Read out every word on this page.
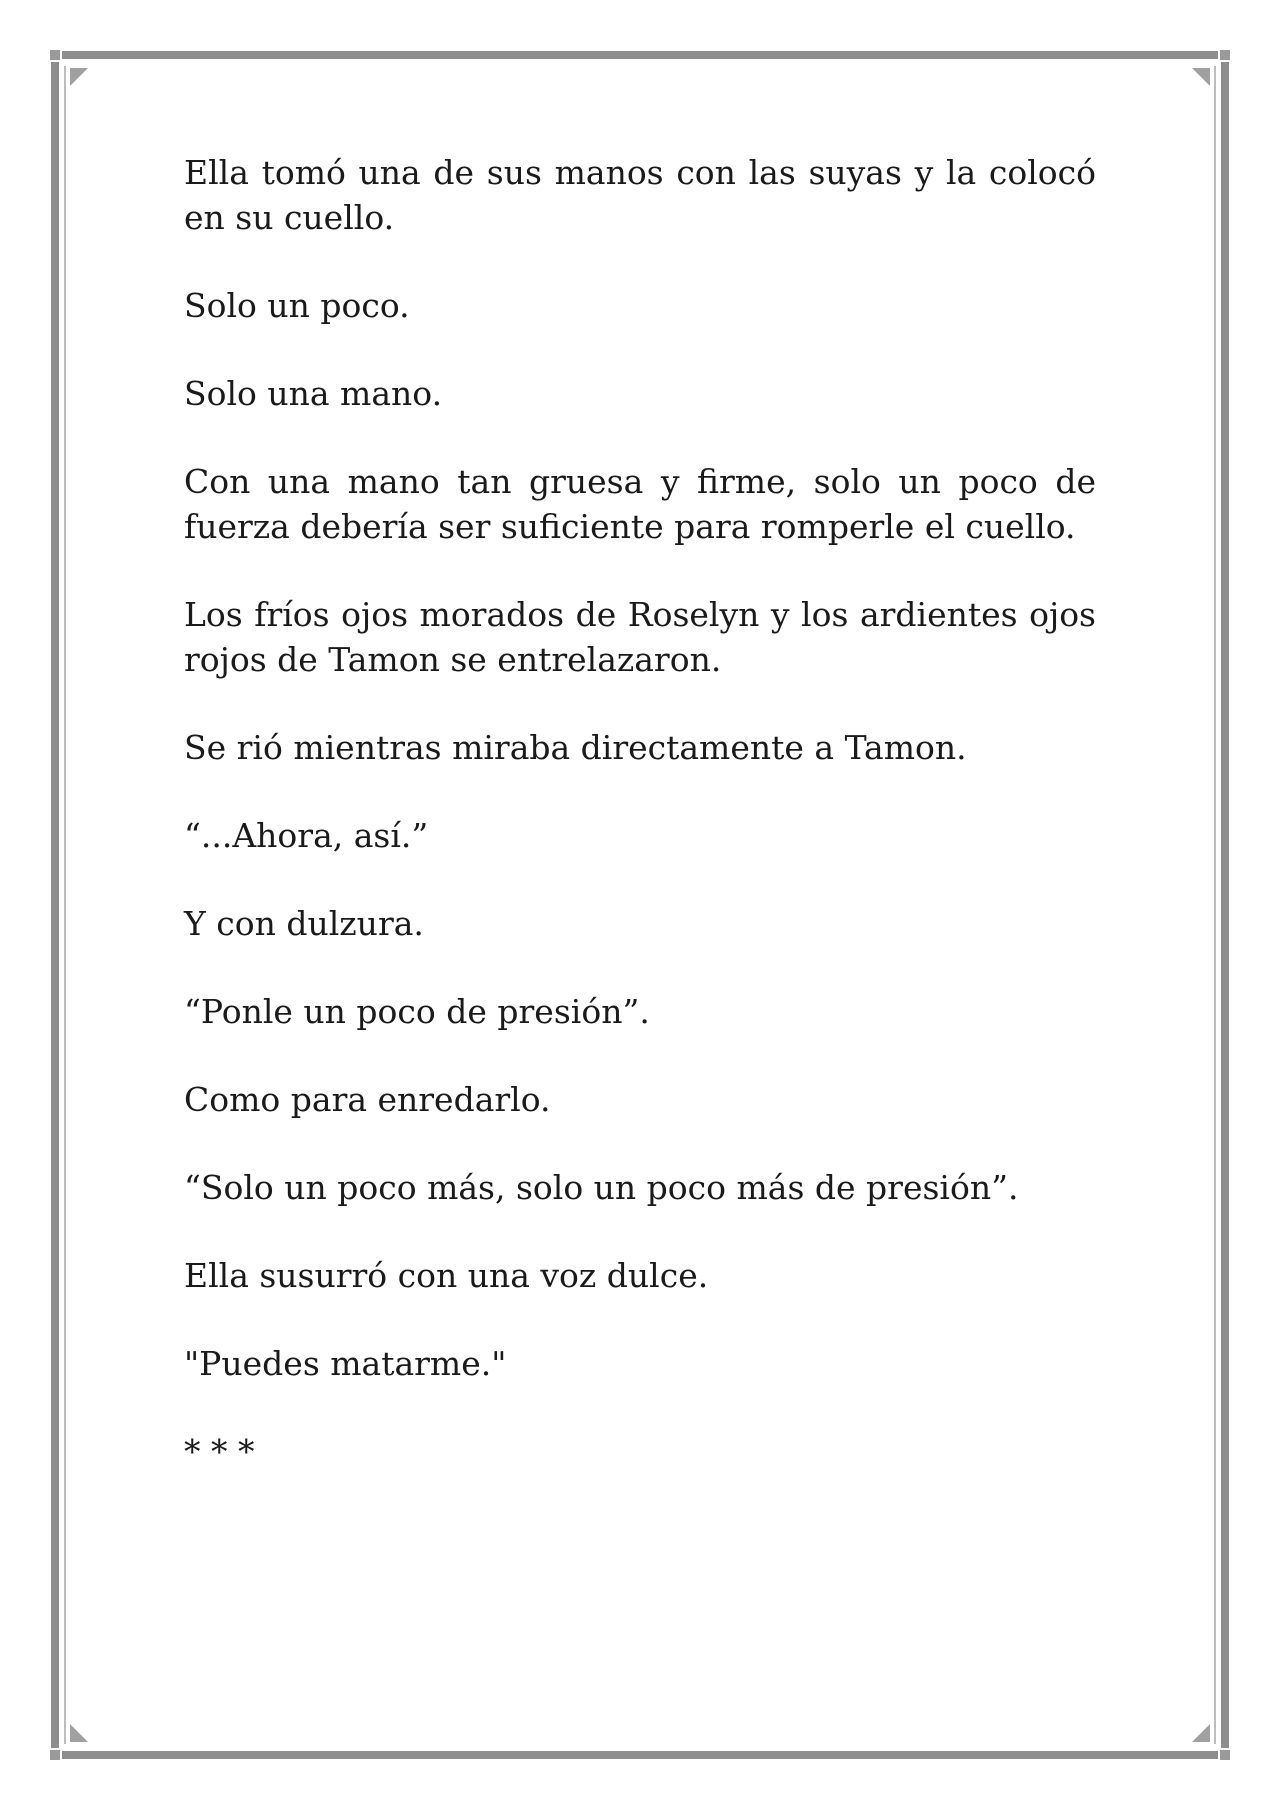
Ella tomó una de sus manos con las suyas y la colocó en su cuello.

Solo un poco.

Solo una mano.

Con una mano tan gruesa y firme, solo un poco de fuerza debería ser suficiente para romperle el cuello.

Los fríos ojos morados de Roselyn y los ardientes ojos rojos de Tamon se entrelazaron.

Se rió mientras miraba directamente a Tamon.

“...Ahora, así.”

Y con dulzura.

“Ponle un poco de presión”.

Como para enredarlo.

“Solo un poco más, solo un poco más de presión”.

Ella susurró con una voz dulce.

"Puedes matarme."

* * *
